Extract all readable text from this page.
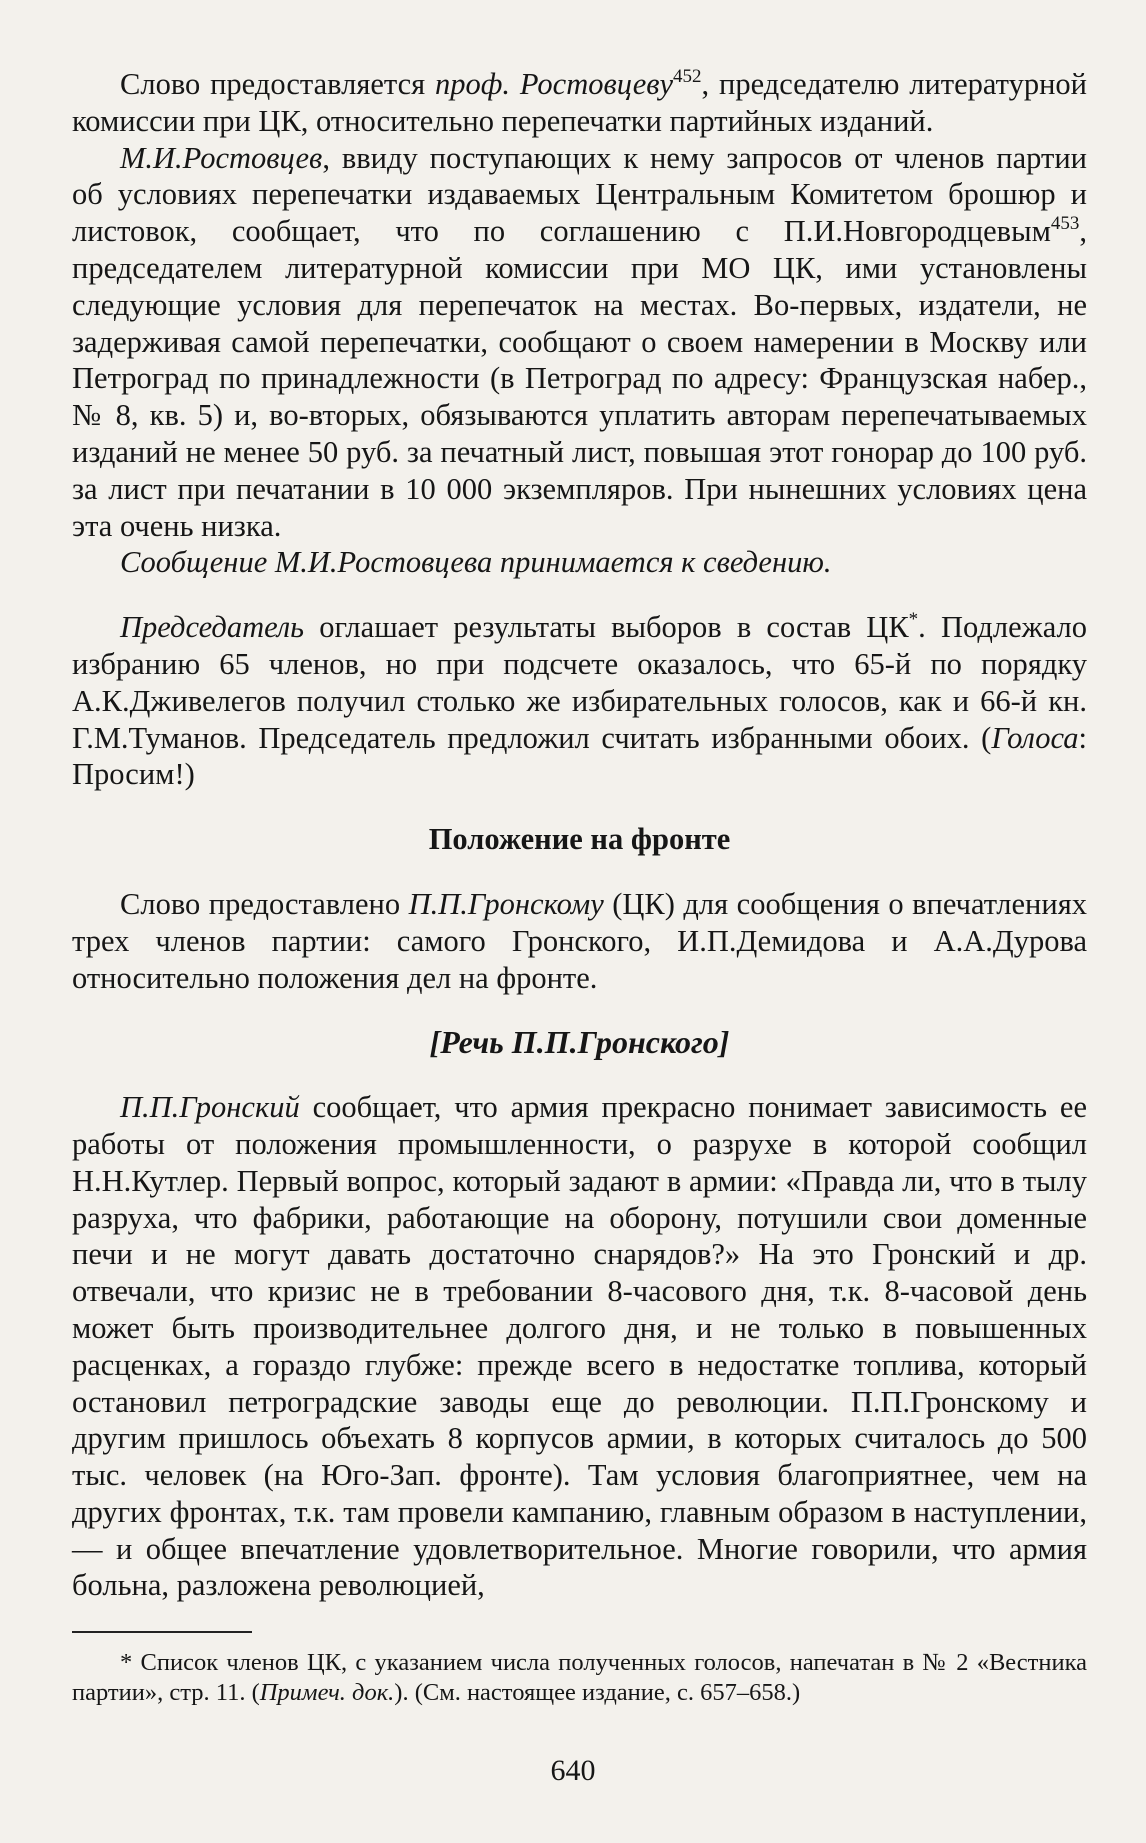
Слово предоставляется проф. Ростовцеву$^{452}$, председателю литературной комиссии при ЦК, относительно перепечатки партийных изданий.

М.И.Ростовцев, ввиду поступающих к нему запросов от членов партии об условиях перепечатки издаваемых Центральным Комитетом брошюр и листовок, сообщает, что по соглашению с П.И.Новгородцевым$^{453}$, председателем литературной комиссии при МО ЦК, ими установлены следующие условия для перепечаток на местах. Во-первых, издатели, не задерживая самой перепечатки, сообщают о своем намерении в Москву или Петроград по принадлежности (в Петроград по адресу: Французская набер., № 8, кв. 5) и, во-вторых, обязываются уплатить авторам перепечатываемых изданий не менее 50 руб. за печатный лист, повышая этот гонорар до 100 руб. за лист при печатании в 10 000 экземпляров. При нынешних условиях цена эта очень низка.

Сообщение М.И.Ростовцева принимается к сведению.

Председатель оглашает результаты выборов в состав ЦК*. Подлежало избранию 65 членов, но при подсчете оказалось, что 65-й по порядку А.К.Дживелегов получил столько же избирательных голосов, как и 66-й кн. Г.М.Туманов. Председатель предложил считать избранными обоих. (Голоса: Просим!)

Положение на фронте

Слово предоставлено П.П.Гронскому (ЦК) для сообщения о впечатлениях трех членов партии: самого Гронского, И.П.Демидова и А.А.Дурова относительно положения дел на фронте.

[Речь П.П.Гронского]

П.П.Гронский сообщает, что армия прекрасно понимает зависимость ее работы от положения промышленности, о разрухе в которой сообщил Н.Н.Кутлер. Первый вопрос, который задают в армии: «Правда ли, что в тылу разруха, что фабрики, работающие на оборону, потушили свои доменные печи и не могут давать достаточно снарядов?» На это Гронский и др. отвечали, что кризис не в требовании 8-часового дня, т.к. 8-часовой день может быть производительнее долгого дня, и не только в повышенных расценках, а гораздо глубже: прежде всего в недостатке топлива, который остановил петроградские заводы еще до революции. П.П.Гронскому и другим пришлось объехать 8 корпусов армии, в которых считалось до 500 тыс. человек (на Юго-Зап. фронте). Там условия благоприятнее, чем на других фронтах, т.к. там провели кампанию, главным образом в наступлении, — и общее впечатление удовлетворительное. Многие говорили, что армия больна, разложена революцией,

* Список членов ЦК, с указанием числа полученных голосов, напечатан в № 2 «Вестника партии», стр. 11. (Примеч. док.). (См. настоящее издание, с. 657–658.)

640
